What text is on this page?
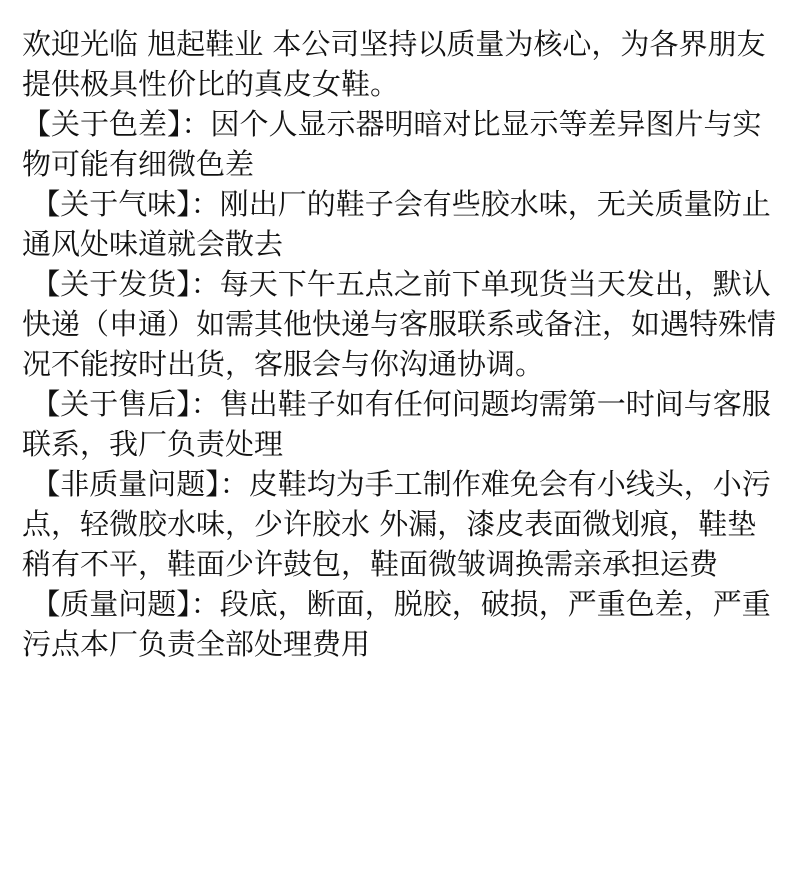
欢迎光临 旭起鞋业 本公司坚持以质量为核心，为各界朋友提供极具性价比的真皮女鞋。

【关于色差】：因个人显示器明暗对比显示等差异图片与实物可能有细微色差

【关于气味】：刚出厂的鞋子会有些胶水味，无关质量防止通风处味道就会散去

【关于发货】：每天下午五点之前下单现货当天发出，默认快递（申通）如需其他快递与客服联系或备注，如遇特殊情况不能按时出货，客服会与你沟通协调。

【关于售后】：售出鞋子如有任何问题均需第一时间与客服联系，我厂负责处理

【非质量问题】：皮鞋均为手工制作难免会有小线头，小污点，轻微胶水味，少许胶水 外漏，漆皮表面微划痕，鞋垫稍有不平，鞋面少许鼓包，鞋面微皱调换需亲承担运费

【质量问题】：段底，断面，脱胶，破损，严重色差，严重污点本厂负责全部处理费用
